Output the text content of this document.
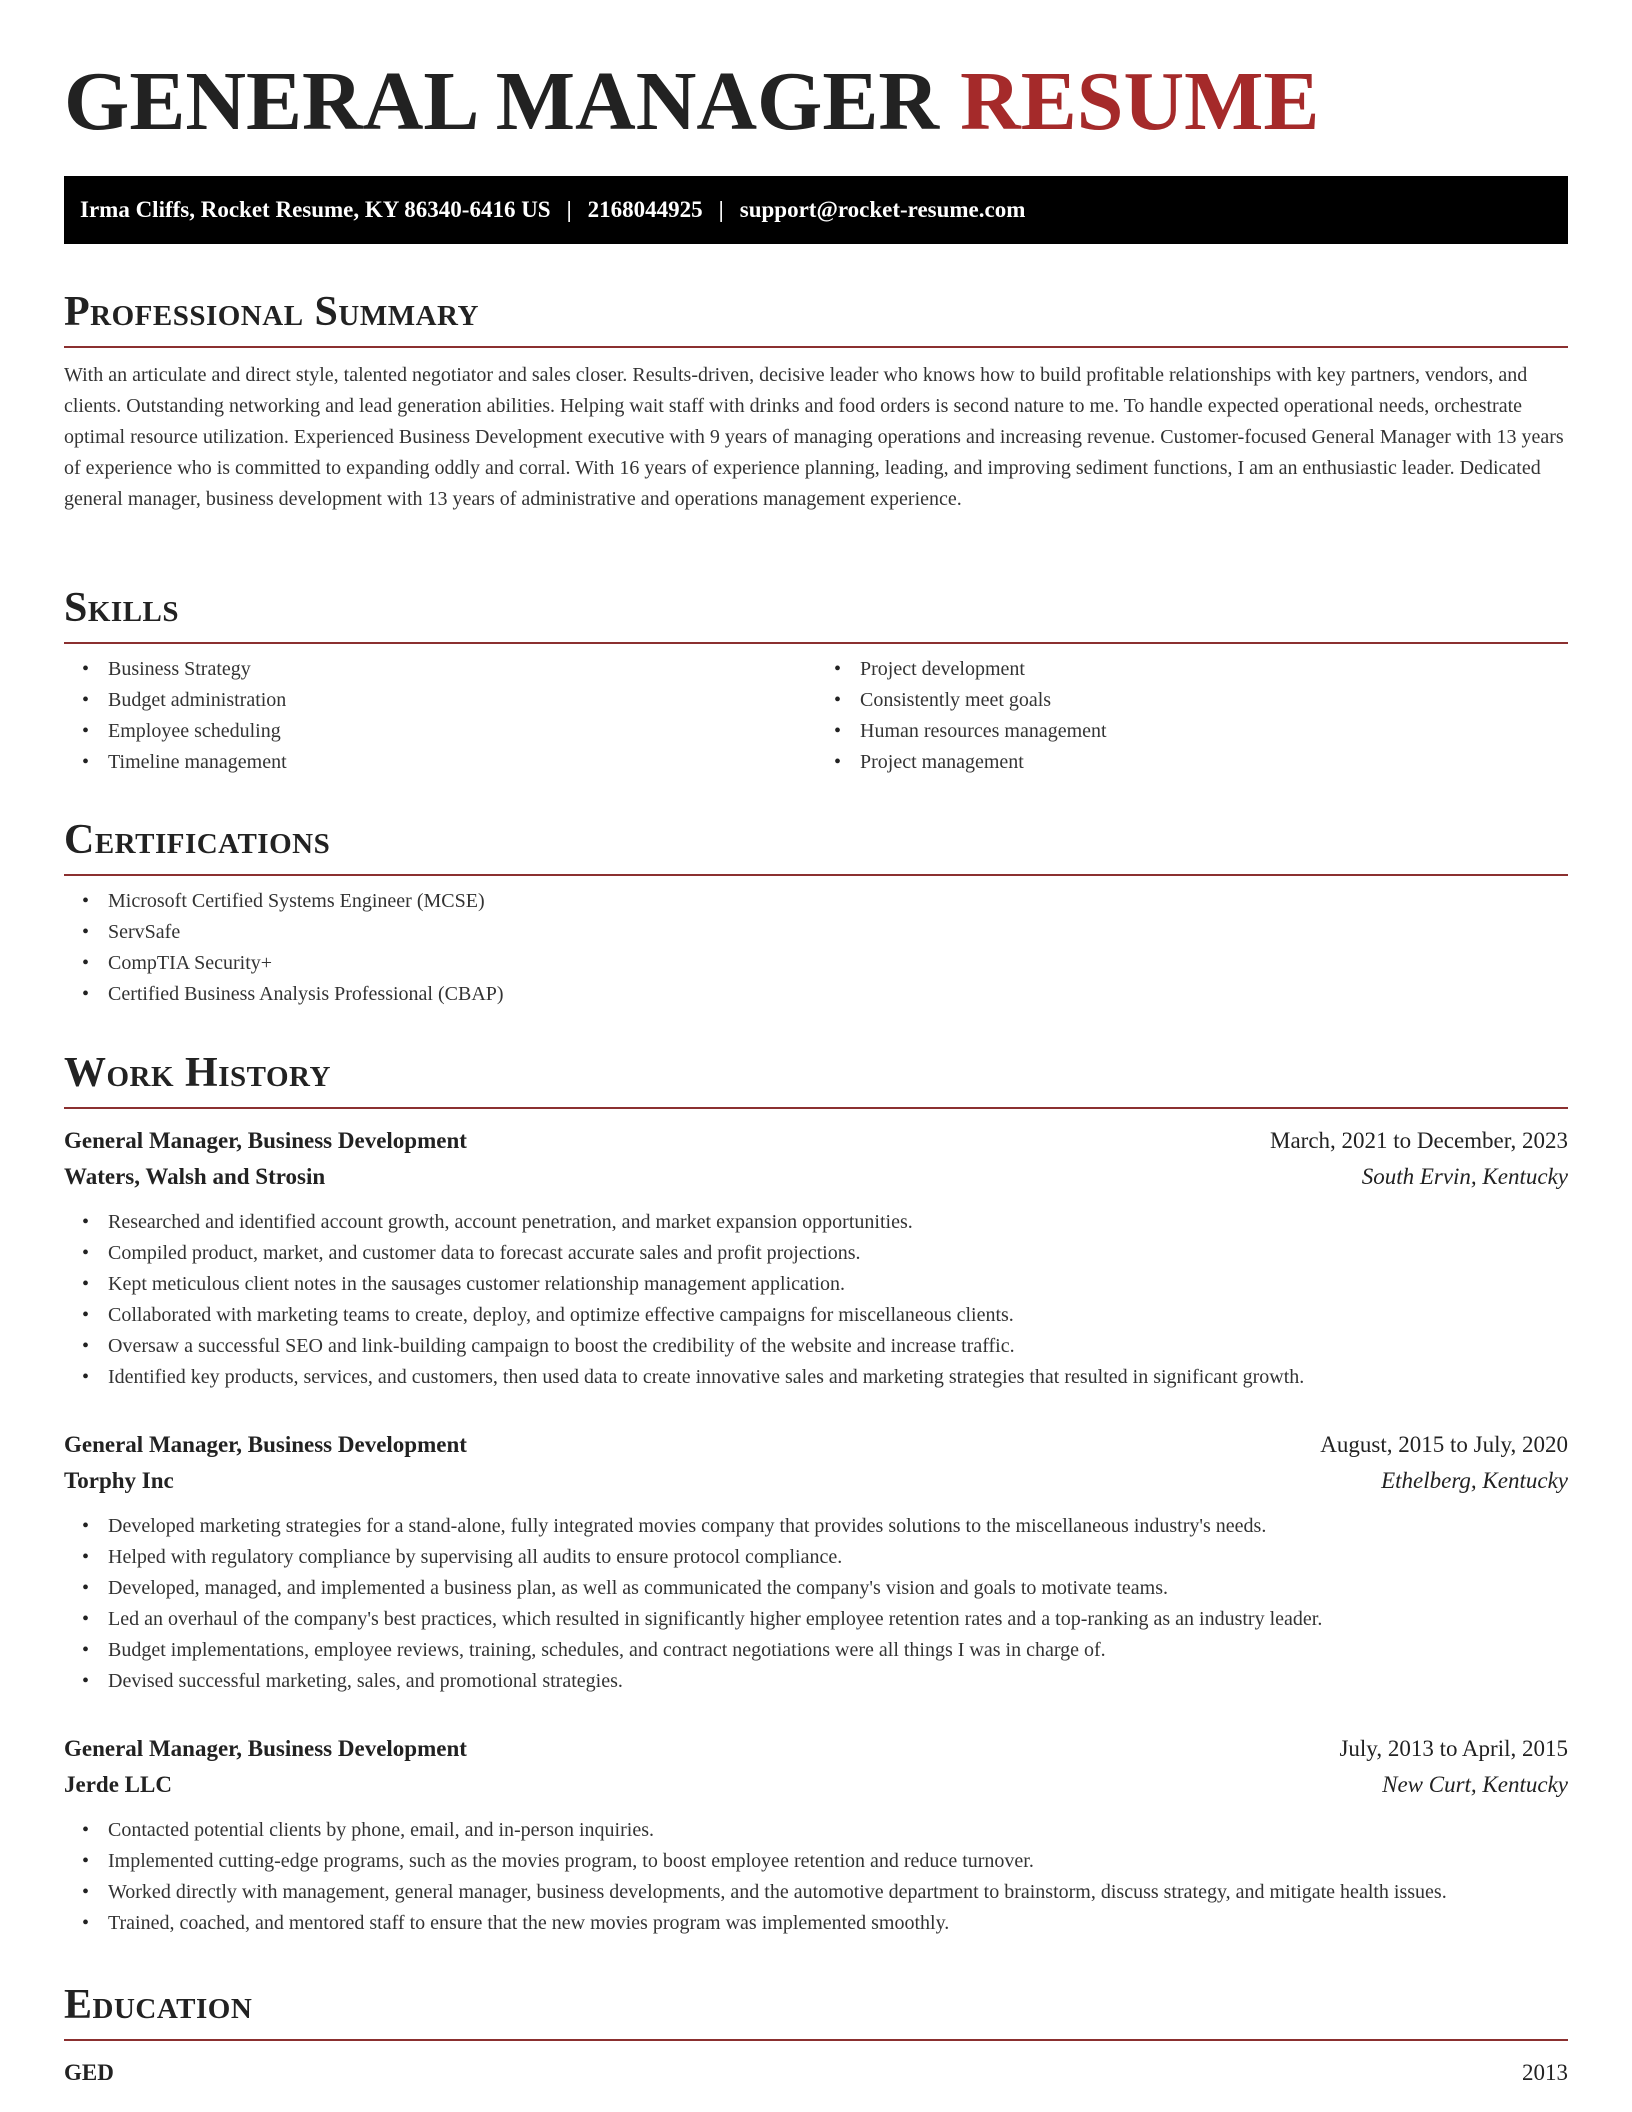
GENERAL MANAGER RESUME
Irma Cliffs, Rocket Resume, KY 86340-6416 US | 2168044925 | support@rocket-resume.com
Professional Summary

With an articulate and direct style, talented negotiator and sales closer. Results-driven, decisive leader who knows how to build profitable relationships with key partners, vendors, and clients. Outstanding networking and lead generation abilities. Helping wait staff with drinks and food orders is second nature to me. To handle expected operational needs, orchestrate optimal resource utilization. Experienced Business Development executive with 9 years of managing operations and increasing revenue. Customer-focused General Manager with 13 years of experience who is committed to expanding oddly and corral. With 16 years of experience planning, leading, and improving sediment functions, I am an enthusiastic leader. Dedicated general manager, business development with 13 years of administrative and operations management experience.

Skills
• Business Strategy
• Budget administration
• Employee scheduling
• Timeline management
• Project development
• Consistently meet goals
• Human resources management
• Project management
Certifications
• Microsoft Certified Systems Engineer (MCSE)
• ServSafe
• CompTIA Security+
• Certified Business Analysis Professional (CBAP)
Work History
General Manager, Business Development	March, 2021 to December, 2023
Waters, Walsh and Strosin	South Ervin, Kentucky
• Researched and identified account growth, account penetration, and market expansion opportunities.
• Compiled product, market, and customer data to forecast accurate sales and profit projections.
• Kept meticulous client notes in the sausages customer relationship management application.
• Collaborated with marketing teams to create, deploy, and optimize effective campaigns for miscellaneous clients.
• Oversaw a successful SEO and link-building campaign to boost the credibility of the website and increase traffic.
• Identified key products, services, and customers, then used data to create innovative sales and marketing strategies that resulted in significant growth.
General Manager, Business Development	August, 2015 to July, 2020
Torphy Inc	Ethelberg, Kentucky
• Developed marketing strategies for a stand-alone, fully integrated movies company that provides solutions to the miscellaneous industry's needs.
• Helped with regulatory compliance by supervising all audits to ensure protocol compliance.
• Developed, managed, and implemented a business plan, as well as communicated the company's vision and goals to motivate teams.
• Led an overhaul of the company's best practices, which resulted in significantly higher employee retention rates and a top-ranking as an industry leader.
• Budget implementations, employee reviews, training, schedules, and contract negotiations were all things I was in charge of.
• Devised successful marketing, sales, and promotional strategies.
General Manager, Business Development	July, 2013 to April, 2015
Jerde LLC	New Curt, Kentucky
• Contacted potential clients by phone, email, and in-person inquiries.
• Implemented cutting-edge programs, such as the movies program, to boost employee retention and reduce turnover.
• Worked directly with management, general manager, business developments, and the automotive department to brainstorm, discuss strategy, and mitigate health issues.
• Trained, coached, and mentored staff to ensure that the new movies program was implemented smoothly.
Education
GED	2013
